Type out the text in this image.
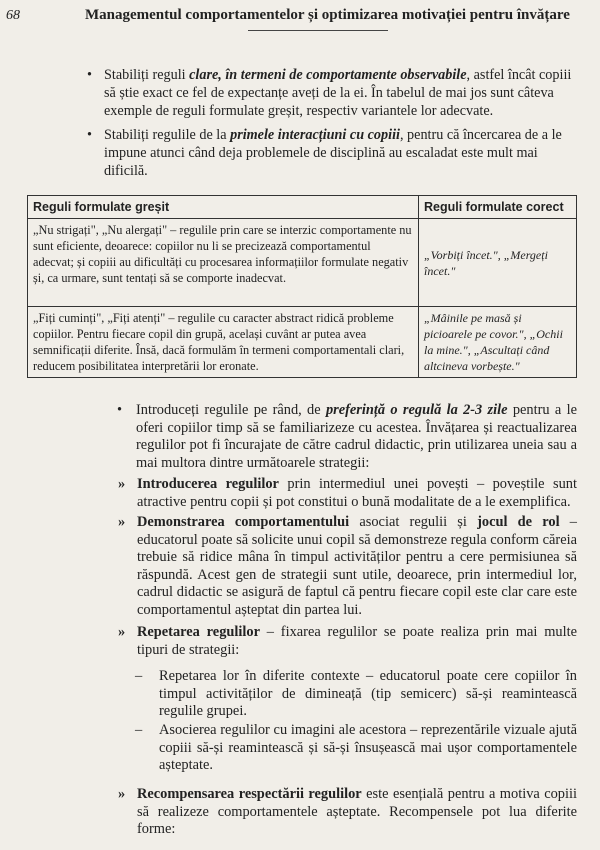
68	Managementul comportamentelor și optimizarea motivației pentru învățare
• Stabiliți reguli clare, în termeni de comportamente observabile, astfel încât copiii să știe exact ce fel de expectanțe aveți de la ei. În tabelul de mai jos sunt câteva exemple de reguli formulate greșit, respectiv variantele lor adecvate.
• Stabiliți regulile de la primele interacțiuni cu copiii, pentru că încercarea de a le impune atunci când deja problemele de disciplină au escaladat este mult mai dificilă.
Reguli formulate greșit	Reguli formulate corect
„Nu strigați", „Nu alergați" – regulile prin care se interzic comportamente nu sunt eficiente, deoarece: copiilor nu li se precizează comportamentul adecvat; și copiii au dificultăți cu procesarea informațiilor formulate negativ și, ca urmare, sunt tentați să se comporte inadecvat.	„Vorbiți încet.", „Mergeți încet."
„Fiți cuminți", „Fiți atenți" – regulile cu caracter abstract ridică probleme copiilor. Pentru fiecare copil din grupă, același cuvânt ar putea avea semnificații diferite. Însă, dacă formulăm în termeni comportamentali clari, reducem posibilitatea interpretării lor eronate.	„Mâinile pe masă și picioarele pe covor.", „Ochii la mine.", „Ascultați când altcineva vorbește."
• Introduceți regulile pe rând, de preferință o regulă la 2-3 zile pentru a le oferi copiilor timp să se familiarizeze cu acestea. Învățarea și reactualizarea regulilor pot fi încurajate de către cadrul didactic, prin utilizarea uneia sau a mai multora dintre următoarele strategii:
» Introducerea regulilor prin intermediul unei povești – poveștile sunt atractive pentru copii și pot constitui o bună modalitate de a le exemplifica.
» Demonstrarea comportamentului asociat regulii și jocul de rol – educatorul poate să solicite unui copil să demonstreze regula conform căreia trebuie să ridice mâna în timpul activităților pentru a cere permisiunea să răspundă. Acest gen de strategii sunt utile, deoarece, prin intermediul lor, cadrul didactic se asigură de faptul că pentru fiecare copil este clar care este comportamentul așteptat din partea lui.
» Repetarea regulilor – fixarea regulilor se poate realiza prin mai multe tipuri de strategii:
– Repetarea lor în diferite contexte – educatorul poate cere copiilor în timpul activităților de dimineață (tip semicerc) să-și reamintească regulile grupei.
– Asocierea regulilor cu imagini ale acestora – reprezentările vizuale ajută copiii să-și reamintească și să-și însușească mai ușor comportamentele așteptate.
» Recompensarea respectării regulilor este esențială pentru a motiva copiii să realizeze comportamentele așteptate. Recompensele pot lua diferite forme:
